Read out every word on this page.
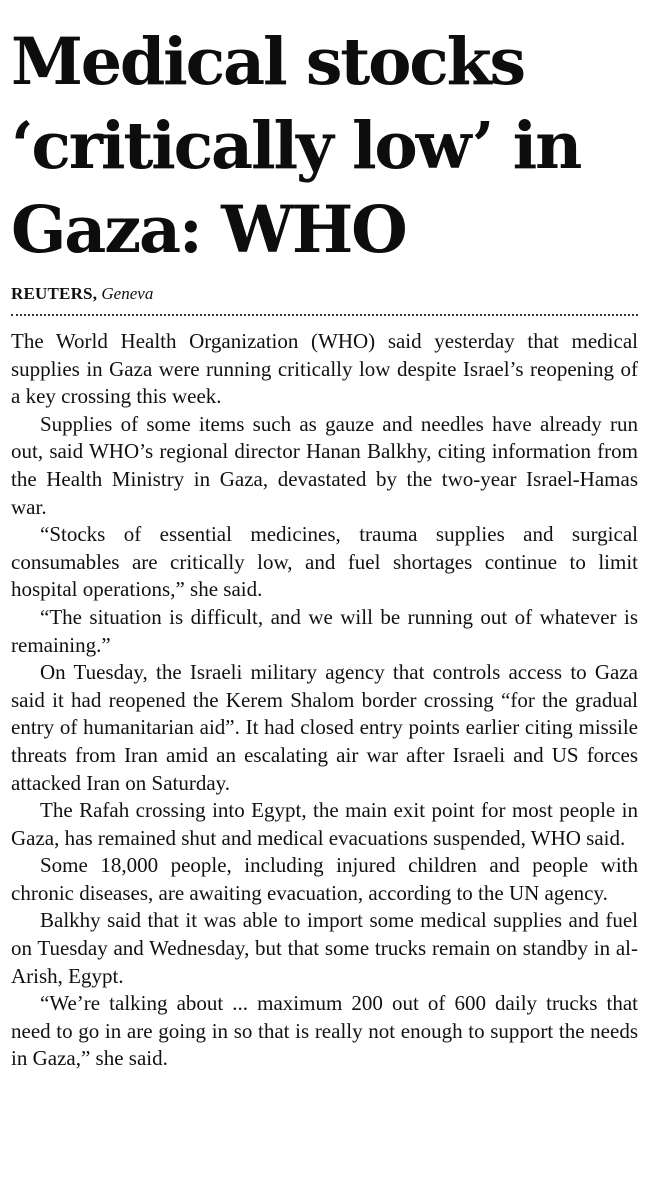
Medical stocks ‘critically low’ in Gaza: WHO
REUTERS, Geneva

The World Health Organization (WHO) said yesterday that medical supplies in Gaza were running critically low despite Israel’s reopening of a key crossing this week.

Supplies of some items such as gauze and needles have already run out, said WHO’s regional director Hanan Balkhy, citing information from the Health Ministry in Gaza, devastated by the two-year Israel-Hamas war.

“Stocks of essential medicines, trauma supplies and surgical consumables are critically low, and fuel shortages continue to limit hospital operations,” she said.

“The situation is difficult, and we will be running out of whatever is remaining.”

On Tuesday, the Israeli military agency that controls access to Gaza said it had reopened the Kerem Shalom border crossing “for the gradual entry of humanitarian aid”. It had closed entry points earlier citing missile threats from Iran amid an escalating air war after Israeli and US forces attacked Iran on Saturday.

The Rafah crossing into Egypt, the main exit point for most people in Gaza, has remained shut and medical evacuations suspended, WHO said.

Some 18,000 people, including injured children and people with chronic diseases, are awaiting evacuation, according to the UN agency.

Balkhy said that it was able to import some medical supplies and fuel on Tuesday and Wednesday, but that some trucks remain on standby in al-Arish, Egypt.

“We’re talking about ... maximum 200 out of 600 daily trucks that need to go in are going in so that is really not enough to support the needs in Gaza,” she said.
